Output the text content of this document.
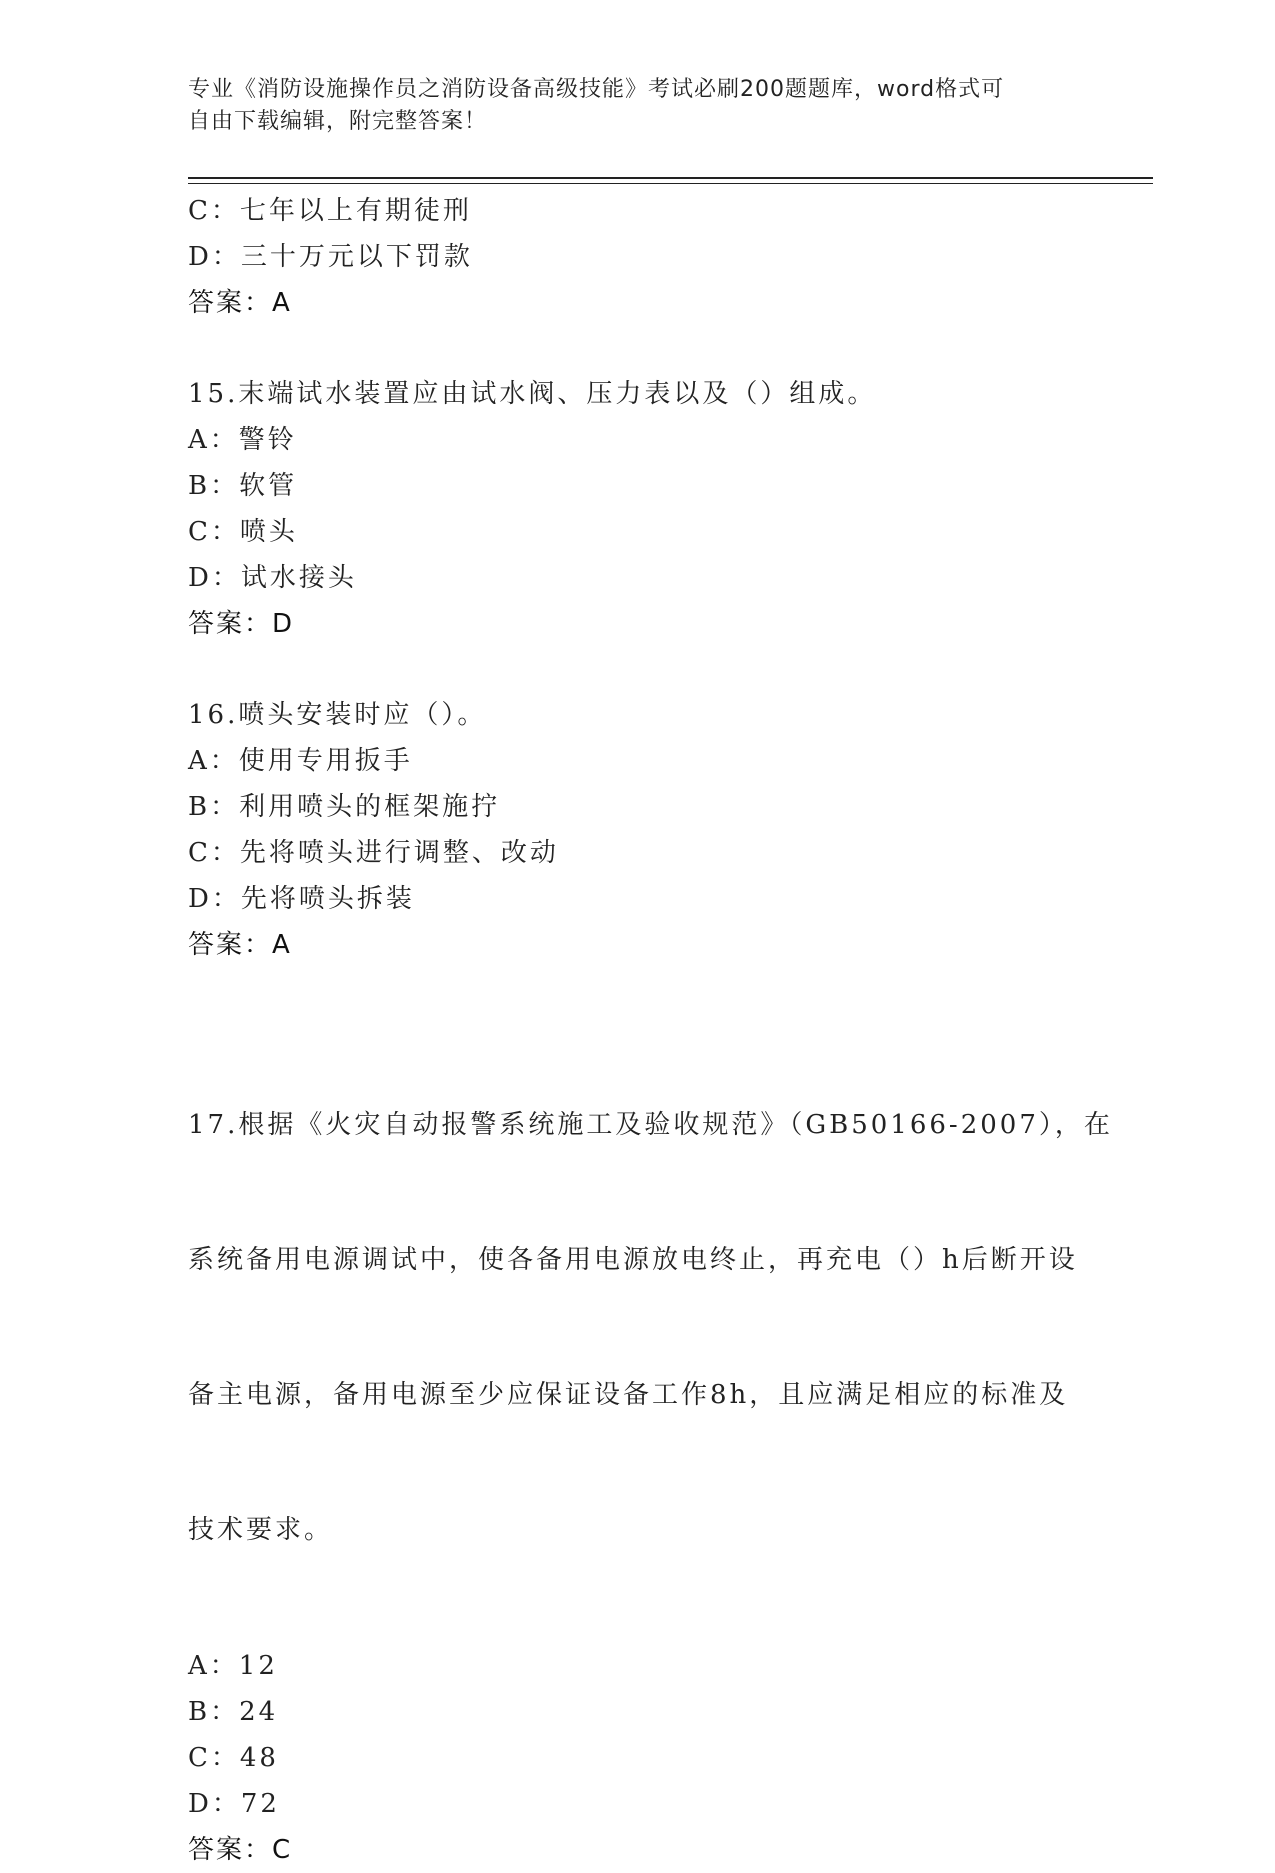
专业《消防设施操作员之消防设备高级技能》考试必刷200题题库，word格式可
自由下载编辑，附完整答案！
C：七年以上有期徒刑
D：三十万元以下罚款
答案：A
15.末端试水装置应由试水阀、压力表以及（）组成。
A：警铃
B：软管
C：喷头
D：试水接头
答案：D
16.喷头安装时应（）。
A：使用专用扳手
B：利用喷头的框架施拧
C：先将喷头进行调整、改动
D：先将喷头拆装
答案：A

17.根据《火灾自动报警系统施工及验收规范》（GB50166-2007），在

系统备用电源调试中，使各备用电源放电终止，再充电（）h后断开设

备主电源，备用电源至少应保证设备工作8h，且应满足相应的标准及

技术要求。

A：12
B：24
C：48
D：72
答案：C
